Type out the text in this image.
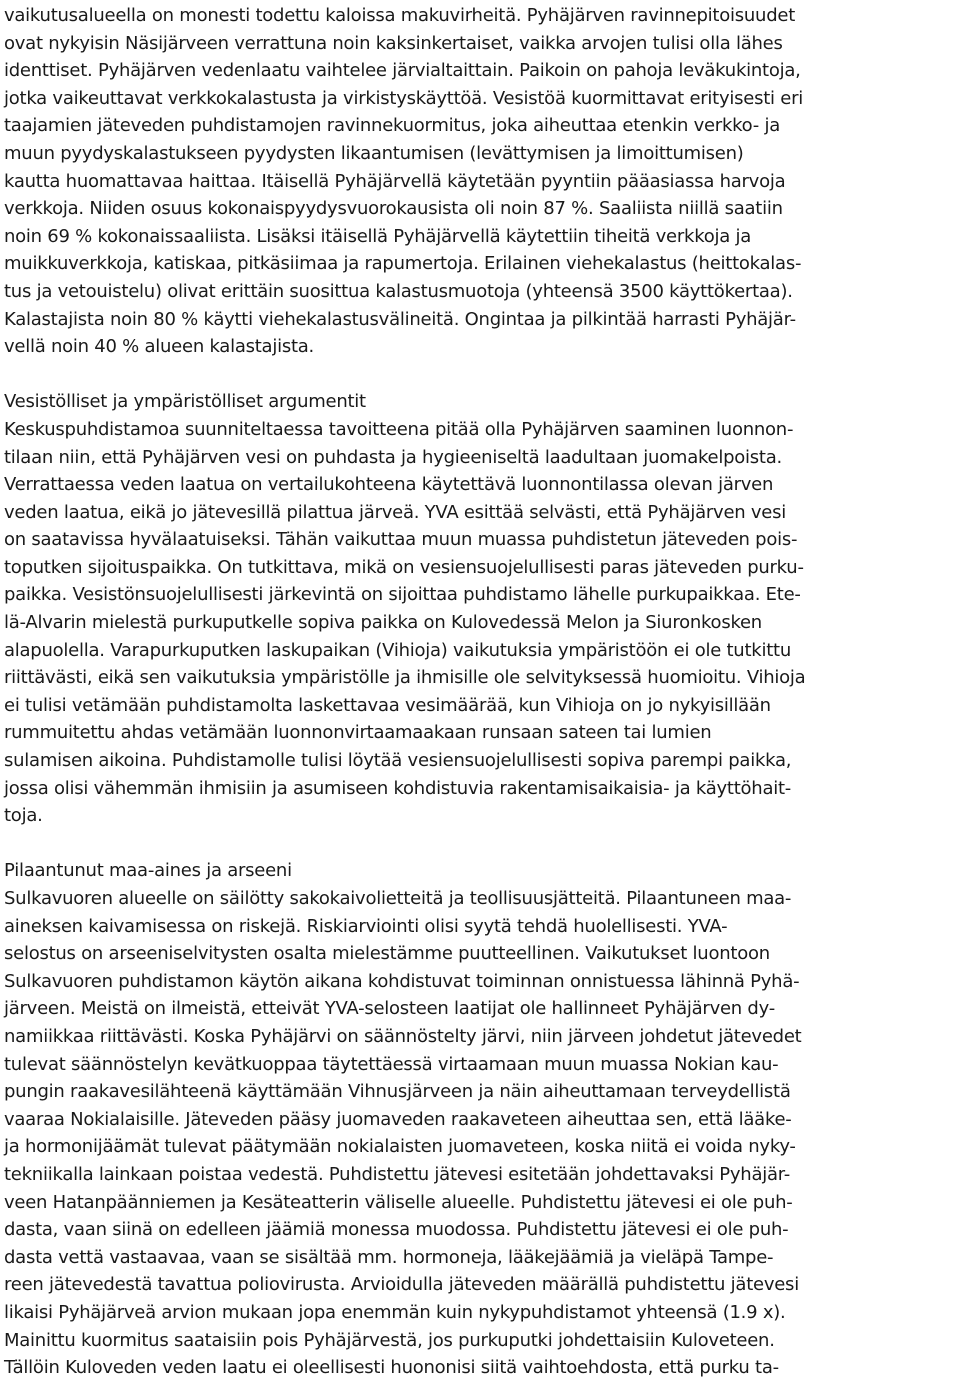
vaikutusalueella on monesti todettu kaloissa makuvirheitä. Pyhäjärven ravinnepitoisuudet
ovat nykyisin Näsijärveen verrattuna noin kaksinkertaiset, vaikka arvojen tulisi olla lähes
identtiset. Pyhäjärven vedenlaatu vaihtelee järvialtaittain. Paikoin on pahoja leväkukintoja,
jotka vaikeuttavat verkkokalastusta ja virkistyskäyttöä. Vesistöä kuormittavat erityisesti eri
taajamien jäteveden puhdistamojen ravinnekuormitus, joka aiheuttaa etenkin verkko- ja
muun pyydyskalastukseen pyydysten likaantumisen (levättymisen ja limoittumisen)
kautta huomattavaa haittaa. Itäisellä Pyhäjärvellä käytetään pyyntiin pääasiassa harvoja
verkkoja. Niiden osuus kokonaispyydysvuorokausista oli noin 87 %. Saaliista niillä saatiin
noin 69 % kokonaissaaliista. Lisäksi itäisellä Pyhäjärvellä käytettiin tiheitä verkkoja ja
muikkuverkkoja, katiskaa, pitkäsiimaa ja rapumertoja. Erilainen viehekalastus (heittokalas-
tus ja vetouistelu) olivat erittäin suosittua kalastusmuotoja (yhteensä 3500 käyttökertaa).
Kalastajista noin 80 % käytti viehekalastusvälineitä. Ongintaa ja pilkintää harrasti Pyhäjär-
vellä noin 40 % alueen kalastajista.
Vesistölliset ja ympäristölliset argumentit
Keskuspuhdistamoa suunniteltaessa tavoitteena pitää olla Pyhäjärven saaminen luonnon-
tilaan niin, että Pyhäjärven vesi on puhdasta ja hygieeniseltä laadultaan juomakelpoista.
Verrattaessa veden laatua on vertailukohteena käytettävä luonnontilassa olevan järven
veden laatua, eikä jo jätevesillä pilattua järveä. YVA esittää selvästi, että Pyhäjärven vesi
on saatavissa hyvälaatuiseksi. Tähän vaikuttaa muun muassa puhdistetun jäteveden pois-
toputken sijoituspaikka. On tutkittava, mikä on vesiensuojelullisesti paras jäteveden purku-
paikka. Vesistönsuojelullisesti järkevintä on sijoittaa puhdistamo lähelle purkupaikkaa. Ete-
lä-Alvarin mielestä purkuputkelle sopiva paikka on Kulovedessä Melon ja Siuronkosken
alapuolella. Varapurkuputken laskupaikan (Vihioja) vaikutuksia ympäristöön ei ole tutkittu
riittävästi, eikä sen vaikutuksia ympäristölle ja ihmisille ole selvityksessä huomioitu. Vihioja
ei tulisi vetämään puhdistamolta laskettavaa vesimäärää, kun Vihioja on jo nykyisillään
rummuitettu ahdas vetämään luonnonvirtaamaakaan runsaan sateen tai lumien
sulamisen aikoina. Puhdistamolle tulisi löytää vesiensuojelullisesti sopiva parempi paikka,
jossa olisi vähemmän ihmisiin ja asumiseen kohdistuvia rakentamisaikaisia- ja käyttöhait-
toja.
Pilaantunut maa-aines ja arseeni
Sulkavuoren alueelle on säilötty sakokaivolietteitä ja teollisuusjätteitä. Pilaantuneen maa-
aineksen kaivamisessa on riskejä. Riskiarviointi olisi syytä tehdä huolellisesti. YVA-
selostus on arseeniselvitysten osalta mielestämme puutteellinen. Vaikutukset luontoon
Sulkavuoren puhdistamon käytön aikana kohdistuvat toiminnan onnistuessa lähinnä Pyhä-
järveen. Meistä on ilmeistä, etteivät YVA-selosteen laatijat ole hallinneet Pyhäjärven dy-
namiikkaa riittävästi. Koska Pyhäjärvi on säännöstelty järvi, niin järveen johdetut jätevedet
tulevat säännöstelyn kevätkuoppaa täytettäessä virtaamaan muun muassa Nokian kau-
pungin raakavesilähteenä käyttämään Vihnusjärveen ja näin aiheuttamaan terveydellistä
vaaraa Nokialaisille. Jäteveden pääsy juomaveden raakaveteen aiheuttaa sen, että lääke-
ja hormonijäämät tulevat päätymään nokialaisten juomaveteen, koska niitä ei voida nyky-
tekniikalla lainkaan poistaa vedestä. Puhdistettu jätevesi esitetään johdettavaksi Pyhäjär-
veen Hatanpäänniemen ja Kesäteatterin väliselle alueelle. Puhdistettu jätevesi ei ole puh-
dasta, vaan siinä on edelleen jäämiä monessa muodossa. Puhdistettu jätevesi ei ole puh-
dasta vettä vastaavaa, vaan se sisältää mm. hormoneja, lääkejäämiä ja vieläpä Tampe-
reen jätevedestä tavattua poliovirusta. Arvioidulla jäteveden määrällä puhdistettu jätevesi
likaisi Pyhäjärveä arvion mukaan jopa enemmän kuin nykypuhdistamot yhteensä (1.9 x).
Mainittu kuormitus saataisiin pois Pyhäjärvestä, jos purkuputki johdettaisiin Kuloveteen.
Tällöin Kuloveden veden laatu ei oleellisesti huononisi siitä vaihtoehdosta, että purku ta-
